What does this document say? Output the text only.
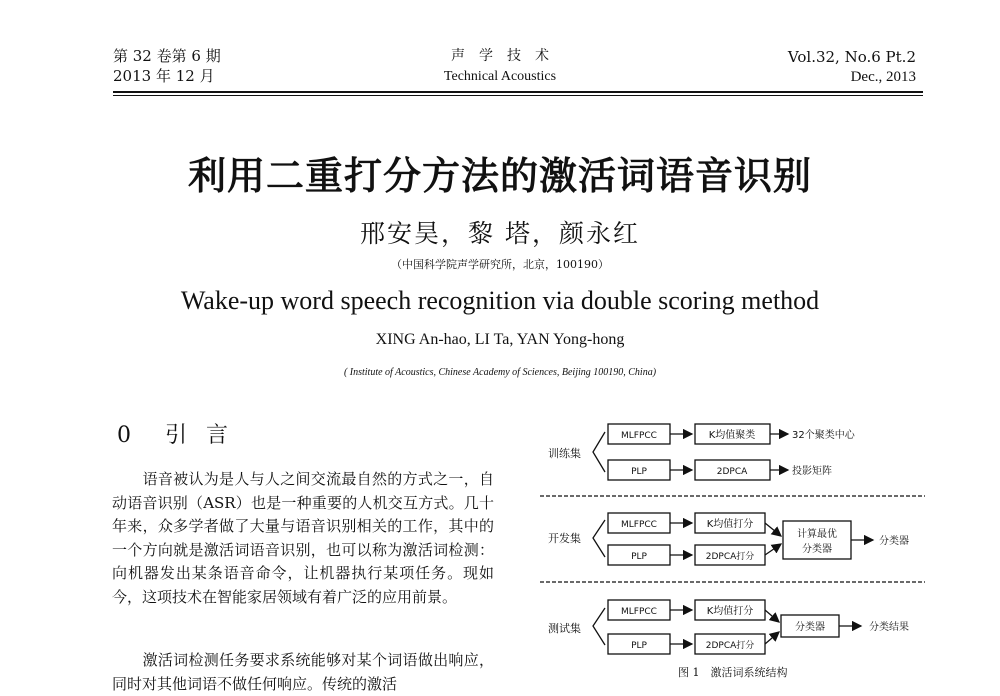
第 32 卷第 6 期
2013 年 12 月
声　学　技　术
Technical Acoustics
Vol.32, No.6 Pt.2
Dec., 2013
利用二重打分方法的激活词语音识别
邢安昊，黎 塔，颜永红
（中国科学院声学研究所，北京，100190）
Wake-up word speech recognition via double scoring method
XING An-hao, LI Ta, YAN Yong-hong
( Institute of Acoustics, Chinese Academy of Sciences, Beijing 100190, China)
0　引 言
　　语音被认为是人与人之间交流最自然的方式之一，自动语音识别（ASR）也是一种重要的人机交互方式。几十年来，众多学者做了大量与语音识别相关的工作，其中的一个方向就是激活词语音识别，也可以称为激活词检测：向机器发出某条语音命令，让机器执行某项任务。现如今，这项技术在智能家居领域有着广泛的应用前景。
　　激活词检测任务要求系统能够对某个词语做出响应，同时对其他词语不做任何响应。传统的激活
训练集
MLFPCC	K均值聚类	32个聚类中心
PLP	2DPCA	投影矩阵
开发集
MLFPCC	K均值打分
PLP	2DPCA打分
计算最优
分类器
分类器
测试集
MLFPCC	K均值打分
PLP	2DPCA打分
分类器	分类结果
图 1　激活词系统结构
